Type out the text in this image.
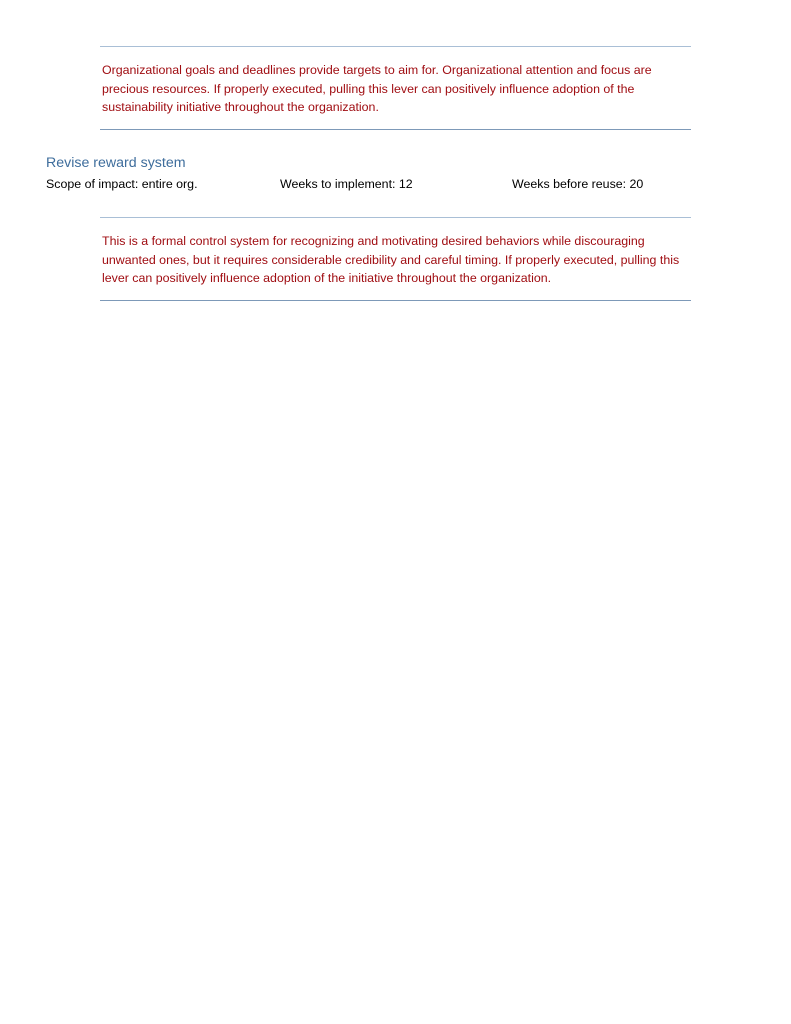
Organizational goals and deadlines provide targets to aim for. Organizational attention and focus are precious resources. If properly executed, pulling this lever can positively influence adoption of the sustainability initiative throughout the organization.

Revise reward system
Scope of impact: entire org.	Weeks to implement: 12	Weeks before reuse: 20

This is a formal control system for recognizing and motivating desired behaviors while discouraging unwanted ones, but it requires considerable credibility and careful timing. If properly executed, pulling this lever can positively influence adoption of the initiative throughout the organization.
